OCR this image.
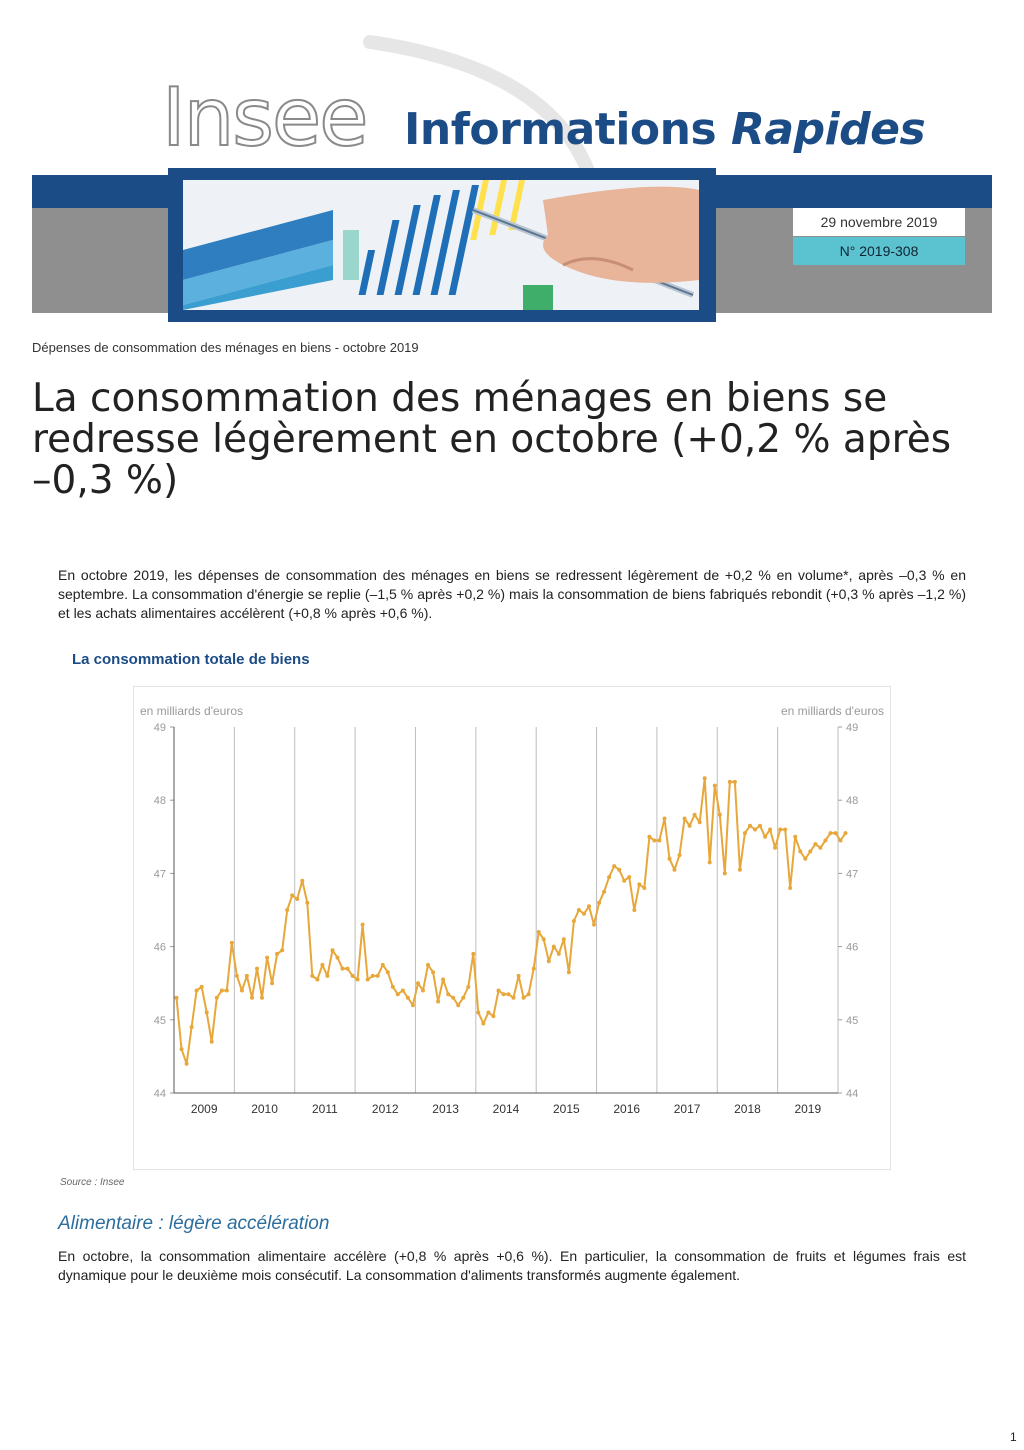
Insee Informations Rapides
29 novembre 2019
N° 2019-308
Dépenses de consommation des ménages en biens - octobre 2019
La consommation des ménages en biens se redresse légèrement en octobre (+0,2 % après –0,3 %)
En octobre 2019, les dépenses de consommation des ménages en biens se redressent légèrement de +0,2 % en volume*, après –0,3 % en septembre. La consommation d'énergie se replie (–1,5 % après +0,2 %) mais la consommation de biens fabriqués rebondit (+0,3 % après –1,2 %) et les achats alimentaires accélèrent (+0,8 % après +0,6 %).
La consommation totale de biens
en milliards d'euros	en milliards d'euros
2009	2010	2011	2012	2013	2014	2015	2016	2017	2018	2019
44	44
45	45
46	46
47	47
48	48
49	49
Source : Insee
Alimentaire : légère accélération
En octobre, la consommation alimentaire accélère (+0,8 % après +0,6 %). En particulier, la consommation de fruits et légumes frais est dynamique pour le deuxième mois consécutif. La consommation d'aliments transformés augmente également.
1
